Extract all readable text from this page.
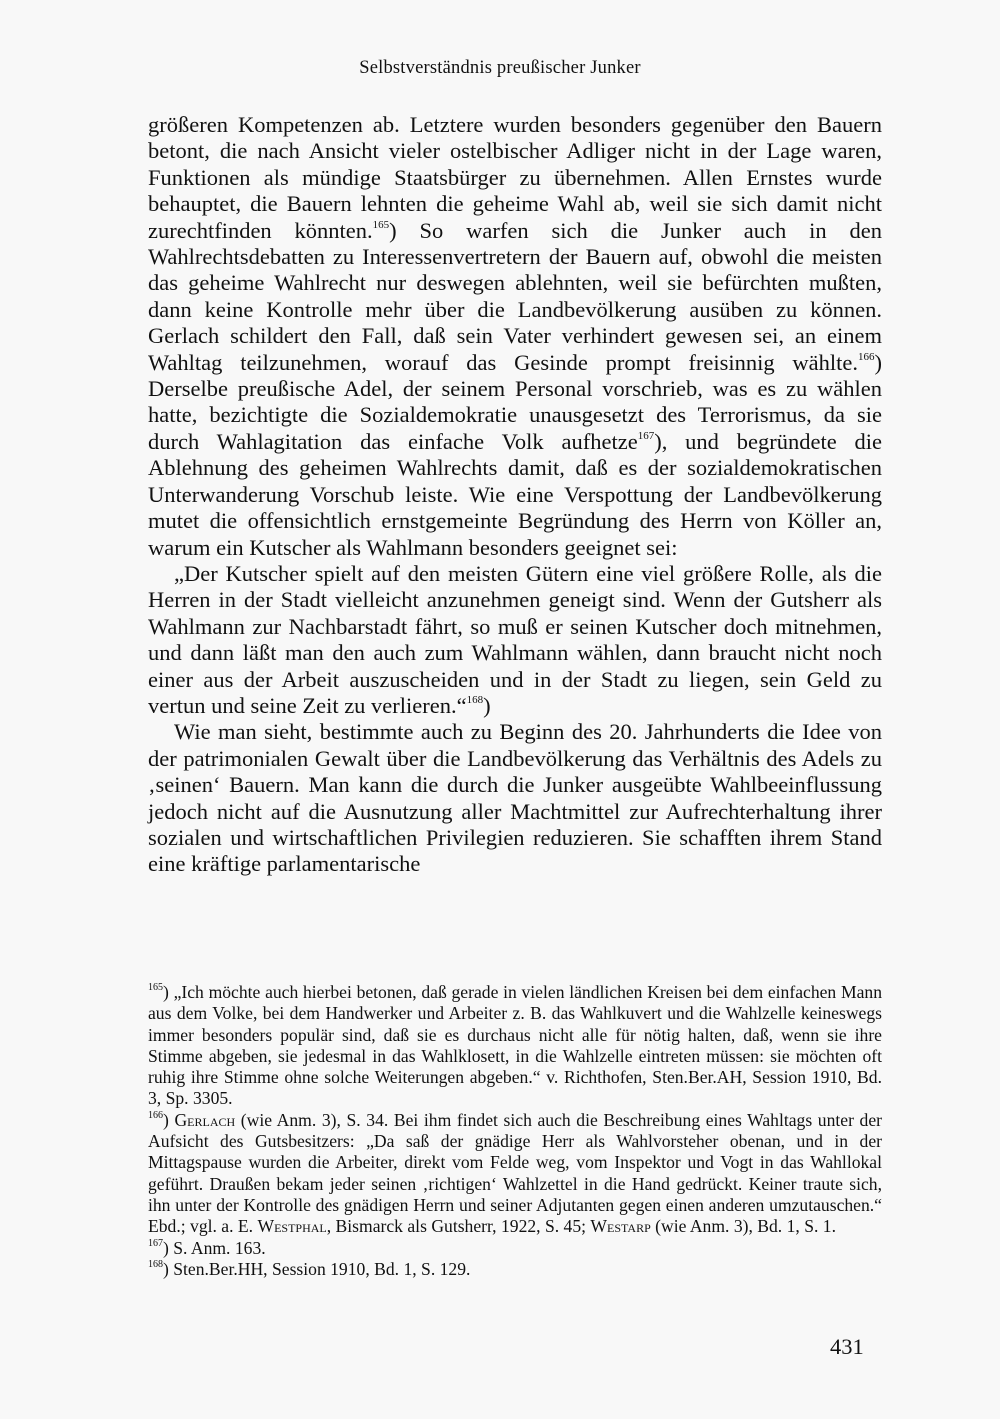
Selbstverständnis preußischer Junker

größeren Kompetenzen ab. Letztere wurden besonders gegenüber den Bauern betont, die nach Ansicht vieler ostelbischer Adliger nicht in der Lage waren, Funktionen als mündige Staatsbürger zu übernehmen. Allen Ernstes wurde behauptet, die Bauern lehnten die geheime Wahl ab, weil sie sich damit nicht zurechtfinden könnten.$^{165}$) So warfen sich die Junker auch in den Wahlrechtsdebatten zu Interessenvertretern der Bauern auf, obwohl die meisten das geheime Wahlrecht nur deswegen ablehnten, weil sie befürchten mußten, dann keine Kontrolle mehr über die Landbevölkerung ausüben zu können. Gerlach schildert den Fall, daß sein Vater verhindert gewesen sei, an einem Wahltag teilzunehmen, worauf das Gesinde prompt freisinnig wählte.$^{166}$) Derselbe preußische Adel, der seinem Personal vorschrieb, was es zu wählen hatte, bezichtigte die Sozialdemokratie unausgesetzt des Terrorismus, da sie durch Wahlagitation das einfache Volk aufhetze$^{167}$), und begründete die Ablehnung des geheimen Wahlrechts damit, daß es der sozialdemokratischen Unterwanderung Vorschub leiste. Wie eine Verspottung der Landbevölkerung mutet die offensichtlich ernstgemeinte Begründung des Herrn von Köller an, warum ein Kutscher als Wahlmann besonders geeignet sei:

„Der Kutscher spielt auf den meisten Gütern eine viel größere Rolle, als die Herren in der Stadt vielleicht anzunehmen geneigt sind. Wenn der Gutsherr als Wahlmann zur Nachbarstadt fährt, so muß er seinen Kutscher doch mitnehmen, und dann läßt man den auch zum Wahlmann wählen, dann braucht nicht noch einer aus der Arbeit auszuscheiden und in der Stadt zu liegen, sein Geld zu vertun und seine Zeit zu verlieren.“$^{168}$)

Wie man sieht, bestimmte auch zu Beginn des 20. Jahrhunderts die Idee von der patrimonialen Gewalt über die Landbevölkerung das Verhältnis des Adels zu ‚seinen‘ Bauern. Man kann die durch die Junker ausgeübte Wahlbeeinflussung jedoch nicht auf die Ausnutzung aller Machtmittel zur Aufrechterhaltung ihrer sozialen und wirtschaftlichen Privilegien reduzieren. Sie schafften ihrem Stand eine kräftige parlamentarische

$^{165}$) „Ich möchte auch hierbei betonen, daß gerade in vielen ländlichen Kreisen bei dem einfachen Mann aus dem Volke, bei dem Handwerker und Arbeiter z. B. das Wahlkuvert und die Wahlzelle keineswegs immer besonders populär sind, daß sie es durchaus nicht alle für nötig halten, daß, wenn sie ihre Stimme abgeben, sie jedesmal in das Wahlklosett, in die Wahlzelle eintreten müssen: sie möchten oft ruhig ihre Stimme ohne solche Weiterungen abgeben.“ v. Richthofen, Sten.Ber.AH, Session 1910, Bd. 3, Sp. 3305.

$^{166}$) Gerlach (wie Anm. 3), S. 34. Bei ihm findet sich auch die Beschreibung eines Wahltags unter der Aufsicht des Gutsbesitzers: „Da saß der gnädige Herr als Wahlvorsteher obenan, und in der Mittagspause wurden die Arbeiter, direkt vom Felde weg, vom Inspektor und Vogt in das Wahllokal geführt. Draußen bekam jeder seinen ‚richtigen‘ Wahlzettel in die Hand gedrückt. Keiner traute sich, ihn unter der Kontrolle des gnädigen Herrn und seiner Adjutanten gegen einen anderen umzutauschen.“ Ebd.; vgl. a. E. Westphal, Bismarck als Gutsherr, 1922, S. 45; Westarp (wie Anm. 3), Bd. 1, S. 1.

$^{167}$) S. Anm. 163.

$^{168}$) Sten.Ber.HH, Session 1910, Bd. 1, S. 129.

431
